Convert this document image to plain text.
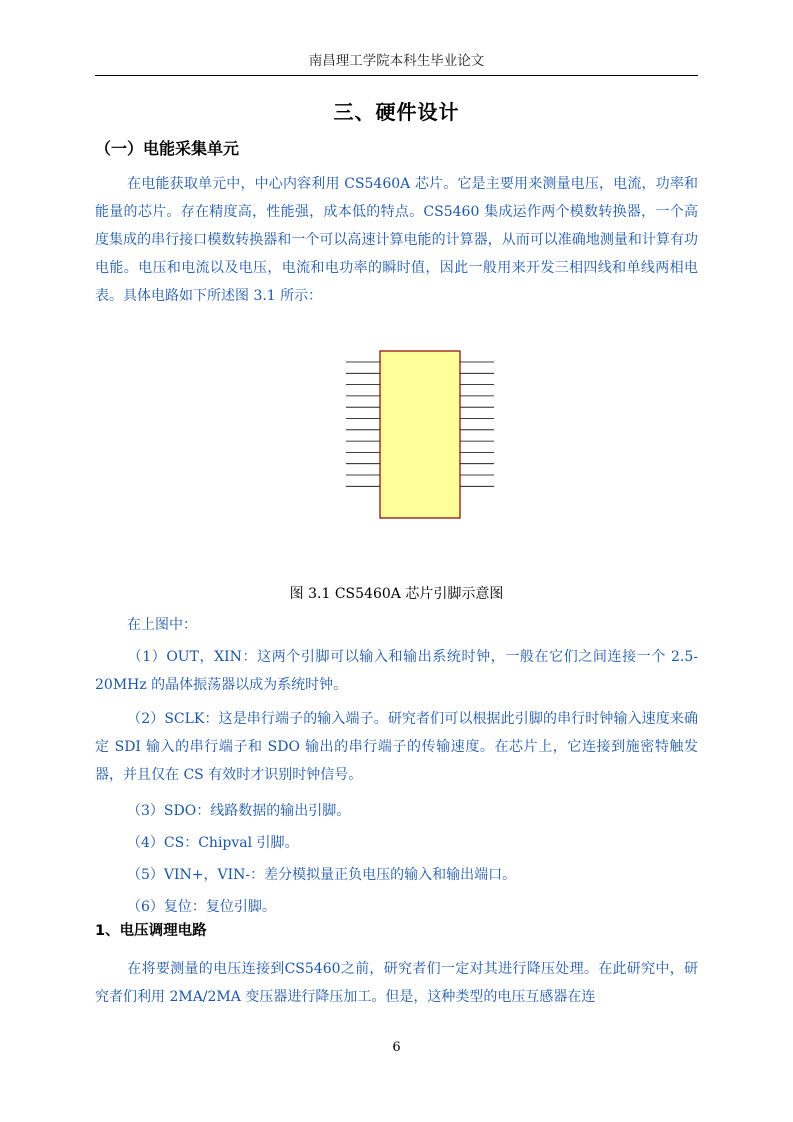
南昌理工学院本科生毕业论文
三、硬件设计
（一）电能采集单元

在电能获取单元中，中心内容利用 CS5460A 芯片。它是主要用来测量电压，电流，功率和能量的芯片。存在精度高，性能强，成本低的特点。CS5460 集成运作两个模数转换器，一个高度集成的串行接口模数转换器和一个可以高速计算电能的计算器，从而可以准确地测量和计算有功电能。电压和电流以及电压，电流和电功率的瞬时值，因此一般用来开发三相四线和单线两相电表。具体电路如下所述图 3.1 所示：

图 3.1 CS5460A 芯片引脚示意图

在上图中：

（1）OUT，XIN：这两个引脚可以输入和输出系统时钟，一般在它们之间连接一个 2.5-20MHz 的晶体振荡器以成为系统时钟。

（2）SCLK：这是串行端子的输入端子。研究者们可以根据此引脚的串行时钟输入速度来确定 SDI 输入的串行端子和 SDO 输出的串行端子的传输速度。在芯片上，它连接到施密特触发器，并且仅在 CS 有效时才识别时钟信号。

（3）SDO：线路数据的输出引脚。

（4）CS：Chipval 引脚。

（5）VIN+，VIN-：差分模拟量正负电压的输入和输出端口。

（6）复位：复位引脚。

1、电压调理电路

在将要测量的电压连接到CS5460之前，研究者们一定对其进行降压处理。在此研究中，研究者们利用 2MA/2MA 变压器进行降压加工。但是，这种类型的电压互感器在连

6
